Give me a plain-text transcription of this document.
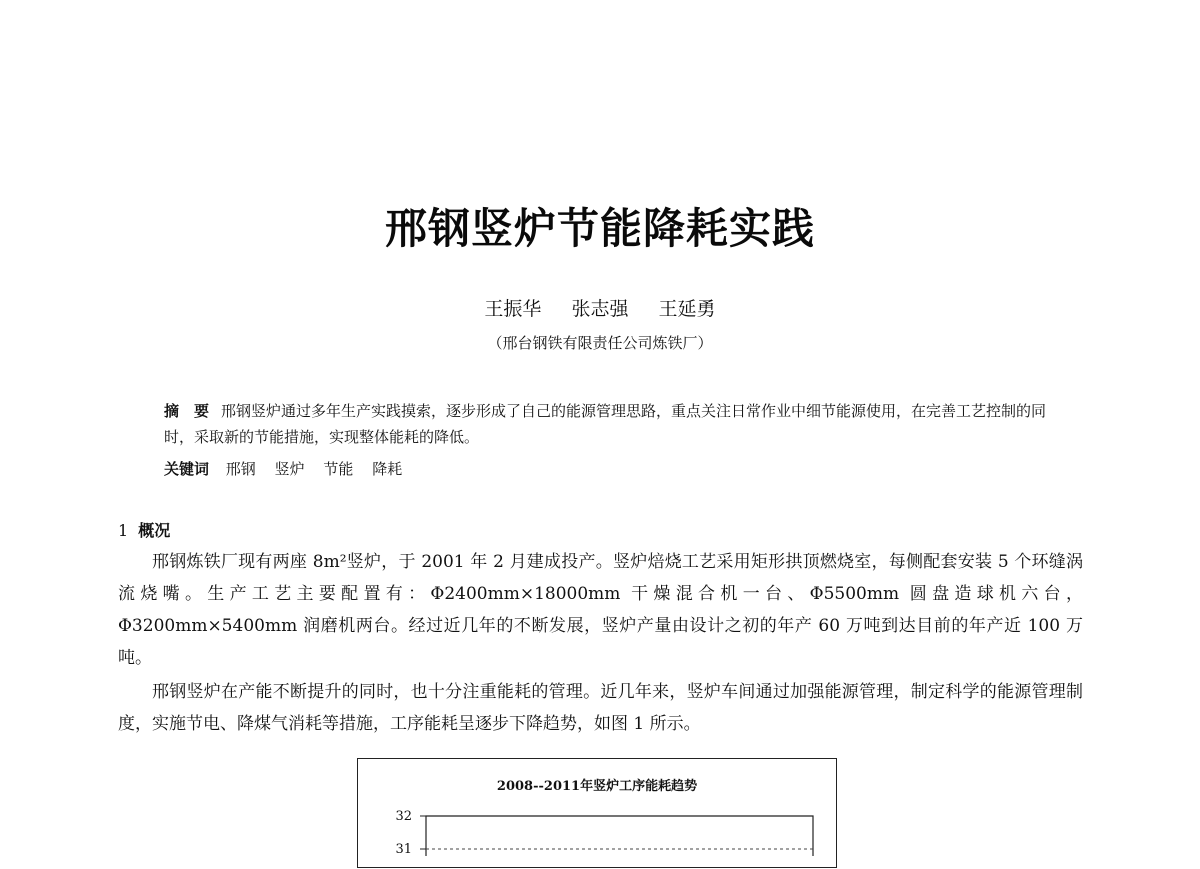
邢钢竖炉节能降耗实践
王振华 张志强 王延勇
（邢台钢铁有限责任公司炼铁厂）
摘　要 邢钢竖炉通过多年生产实践摸索，逐步形成了自己的能源管理思路，重点关注日常作业中细节能源使用，在完善工艺控制的同时，采取新的节能措施，实现整体能耗的降低。
关键词 邢钢 竖炉 节能 降耗
1 概况

邢钢炼铁厂现有两座 8m²竖炉，于 2001 年 2 月建成投产。竖炉焙烧工艺采用矩形拱顶燃烧室，每侧配套安装 5 个环缝涡流烧嘴。生产工艺主要配置有：Φ2400mm×18000mm 干燥混合机一台、Φ5500mm 圆盘造球机六台，Φ3200mm×5400mm 润磨机两台。经过近几年的不断发展，竖炉产量由设计之初的年产 60 万吨到达目前的年产近 100 万吨。

邢钢竖炉在产能不断提升的同时，也十分注重能耗的管理。近几年来，竖炉车间通过加强能源管理，制定科学的能源管理制度，实施节电、降煤气消耗等措施，工序能耗呈逐步下降趋势，如图 1 所示。

2008--2011年竖炉工序能耗趋势
32
31
